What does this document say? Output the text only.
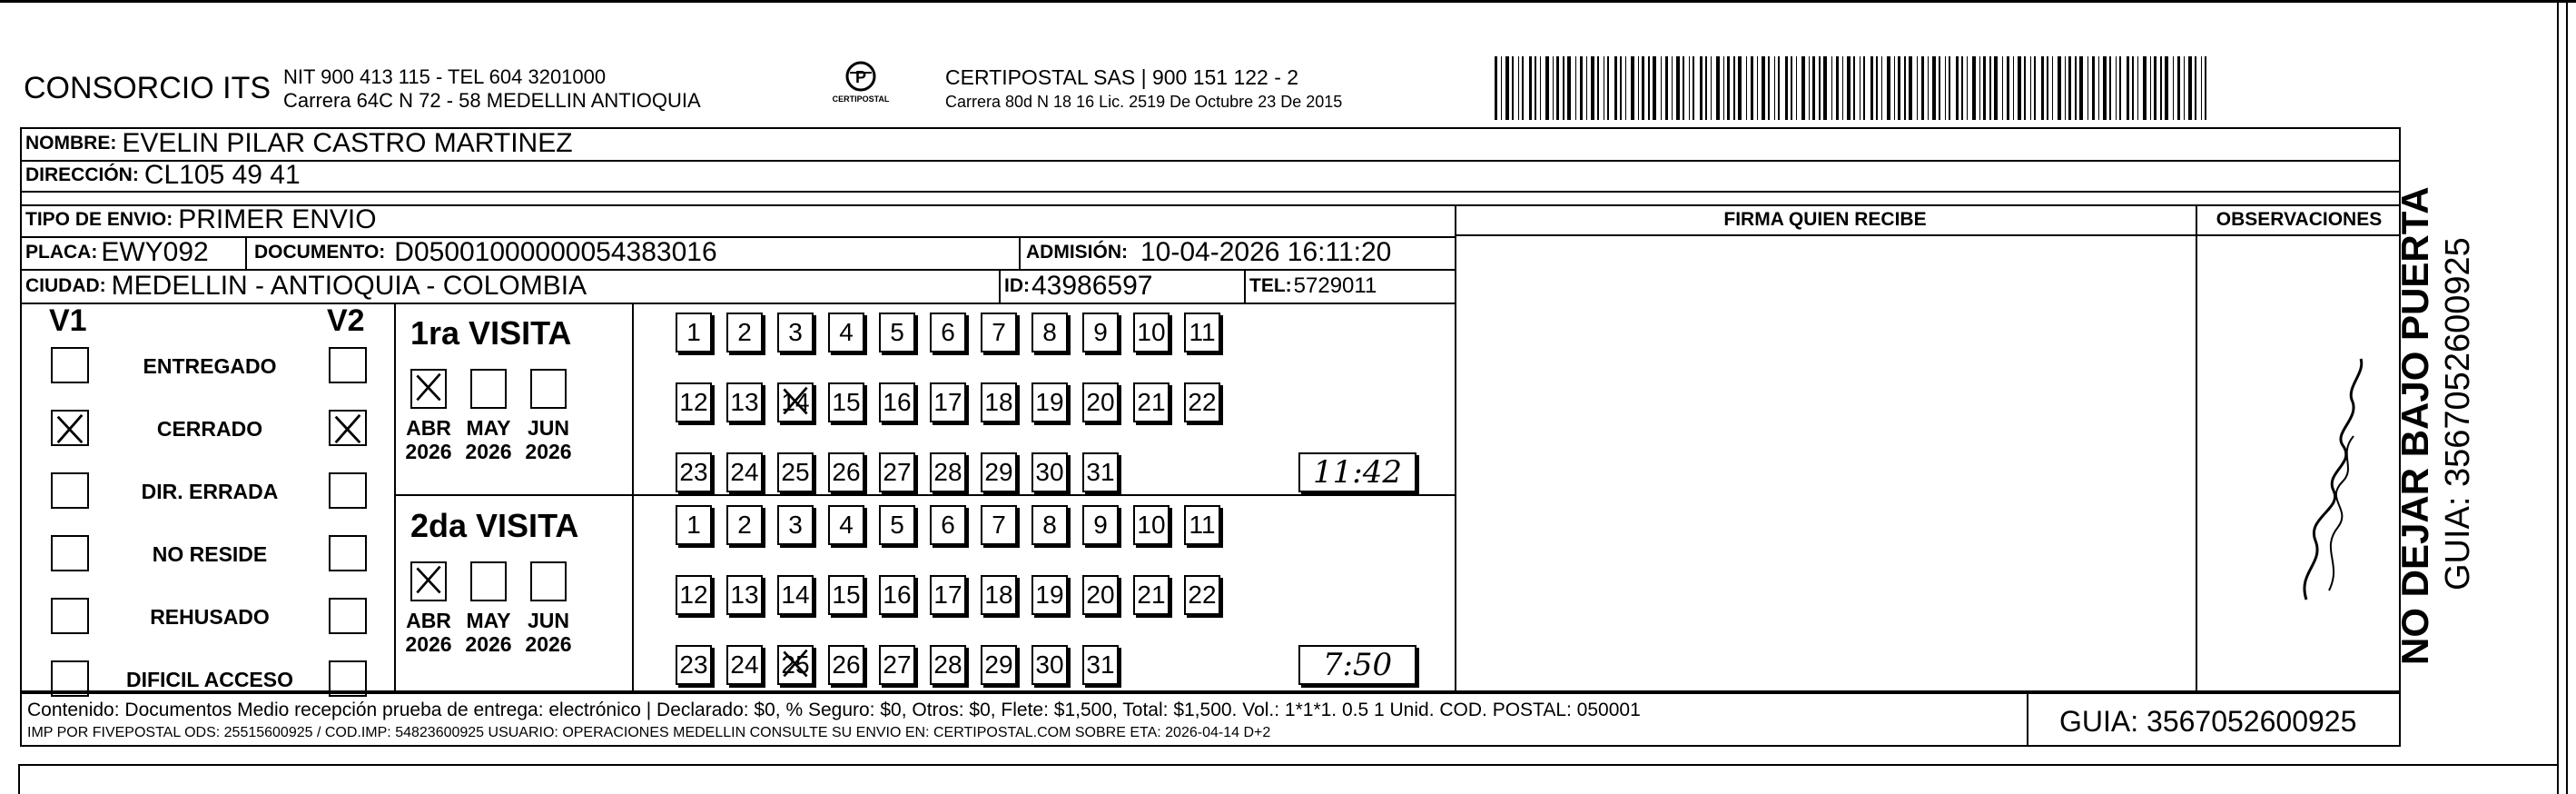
CONSORCIO ITS NIT 900 413 115 - TEL 604 3201000
Carrera 64C N 72 - 58 MEDELLIN ANTIOQUIA
P
CERTIPOSTAL
CERTIPOSTAL SAS | 900 151 122 - 2
Carrera 80d N 18 16 Lic. 2519 De Octubre 23 De 2015
NOMBRE: EVELIN PILAR CASTRO MARTINEZ
DIRECCIÓN: CL105 49 41
TIPO DE ENVIO: PRIMER ENVIO	FIRMA QUIEN RECIBE	OBSERVACIONES
PLACA: EWY092 DOCUMENTO: D05001000000054383016	ADMISIÓN: 10-04-2026 16:11:20
CIUDAD: MEDELLIN - ANTIOQUIA - COLOMBIA	ID: 43986597	TEL: 5729011
V1	V2
ENTREGADO
CERRADO
DIR. ERRADA
NO RESIDE
REHUSADO
DIFICIL ACCESO
1ra VISITA
ABR
2026
MAY
2026
JUN
2026
1 2 3 4 5 6 7 8 9 10 11
12 13 14 15 16 17 18 19 20 21 22
23 24 25 26 27 28 29 30 31	11:42
2da VISITA
ABR
2026
MAY
2026
JUN
2026
1 2 3 4 5 6 7 8 9 10 11
12 13 14 15 16 17 18 19 20 21 22
23 24 25 26 27 28 29 30 31	7:50
Contenido: Documentos Medio recepción prueba de entrega: electrónico | Declarado: $0, % Seguro: $0, Otros: $0, Flete: $1,500, Total: $1,500. Vol.: 1*1*1. 0.5 1 Unid. COD. POSTAL: 050001
IMP POR FIVEPOSTAL ODS: 25515600925 / COD.IMP: 54823600925 USUARIO: OPERACIONES MEDELLIN CONSULTE SU ENVIO EN: CERTIPOSTAL.COM SOBRE ETA: 2026-04-14 D+2	GUIA: 3567052600925
NO DEJAR BAJO PUERTA GUIA: 3567052600925
